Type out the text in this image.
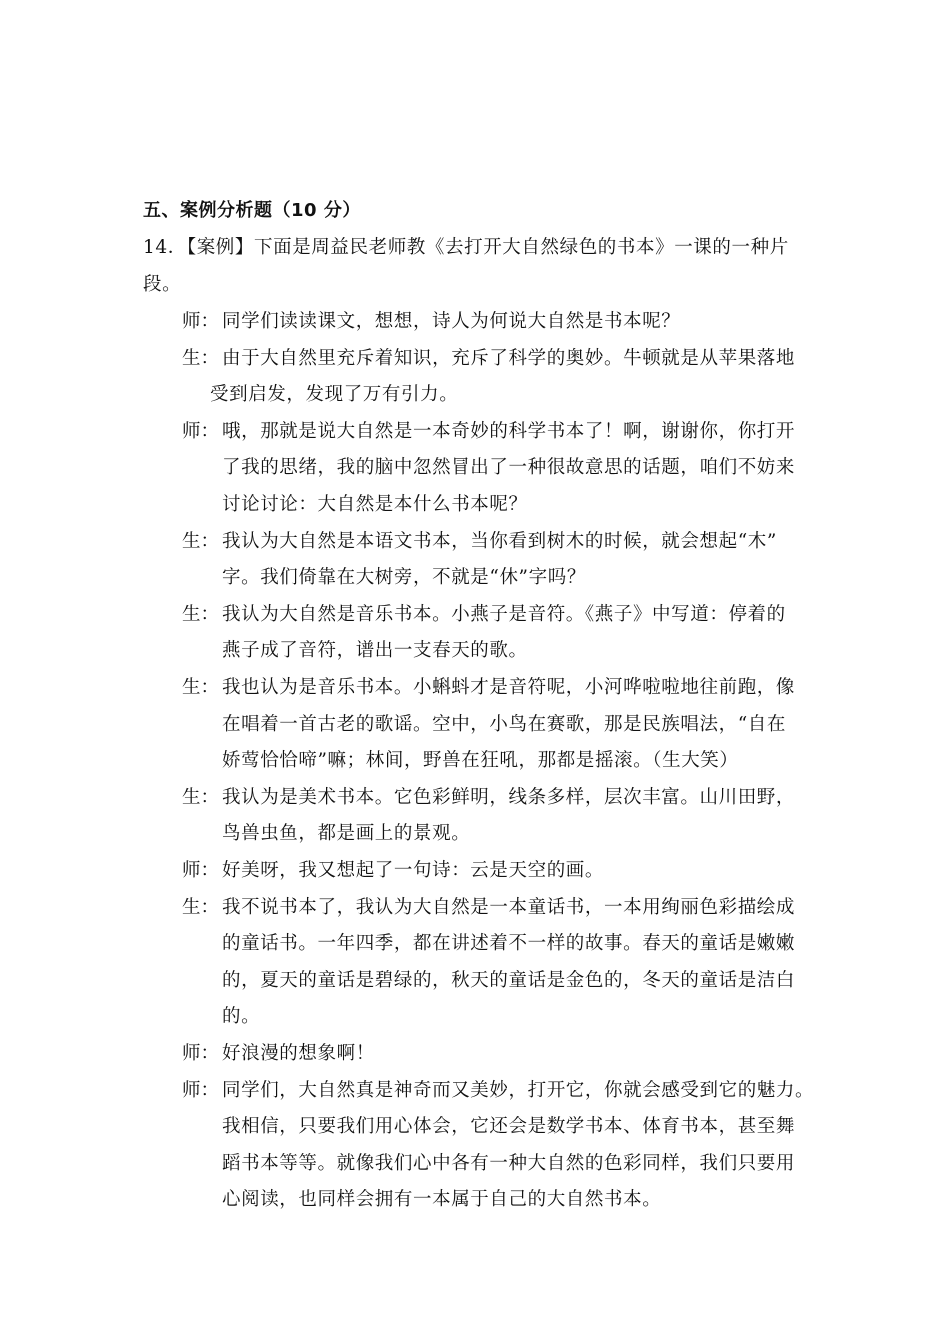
五、案例分析题（10 分）
14．【案例】下面是周益民老师教《去打开大自然绿色的书本》一课的一种片
段。
师： 同学们读读课文，想想，诗人为何说大自然是书本呢？
生： 由于大自然里充斥着知识，充斥了科学的奥妙。牛顿就是从苹果落地
受到启发，发现了万有引力。
师： 哦，那就是说大自然是一本奇妙的科学书本了！啊，谢谢你，你打开
了我的思绪，我的脑中忽然冒出了一种很故意思的话题，咱们不妨来
讨论讨论：大自然是本什么书本呢？
生： 我认为大自然是本语文书本，当你看到树木的时候，就会想起“木”
字。我们倚靠在大树旁，不就是“休”字吗？
生： 我认为大自然是音乐书本。小燕子是音符。《燕子》中写道：停着的
燕子成了音符，谱出一支春天的歌。
生： 我也认为是音乐书本。小蝌蚪才是音符呢，小河哗啦啦地往前跑，像
在唱着一首古老的歌谣。空中，小鸟在赛歌，那是民族唱法，“自在
娇莺恰恰啼”嘛；林间，野兽在狂吼，那都是摇滚。（生大笑）
生： 我认为是美术书本。它色彩鲜明，线条多样，层次丰富。山川田野，
鸟兽虫鱼，都是画上的景观。
师： 好美呀，我又想起了一句诗：云是天空的画。
生： 我不说书本了，我认为大自然是一本童话书，一本用绚丽色彩描绘成
的童话书。一年四季，都在讲述着不一样的故事。春天的童话是嫩嫩
的，夏天的童话是碧绿的，秋天的童话是金色的，冬天的童话是洁白
的。
师： 好浪漫的想象啊！
师： 同学们，大自然真是神奇而又美妙，打开它，你就会感受到它的魅力。
我相信，只要我们用心体会，它还会是数学书本、体育书本，甚至舞
蹈书本等等。就像我们心中各有一种大自然的色彩同样，我们只要用
心阅读，也同样会拥有一本属于自己的大自然书本。
